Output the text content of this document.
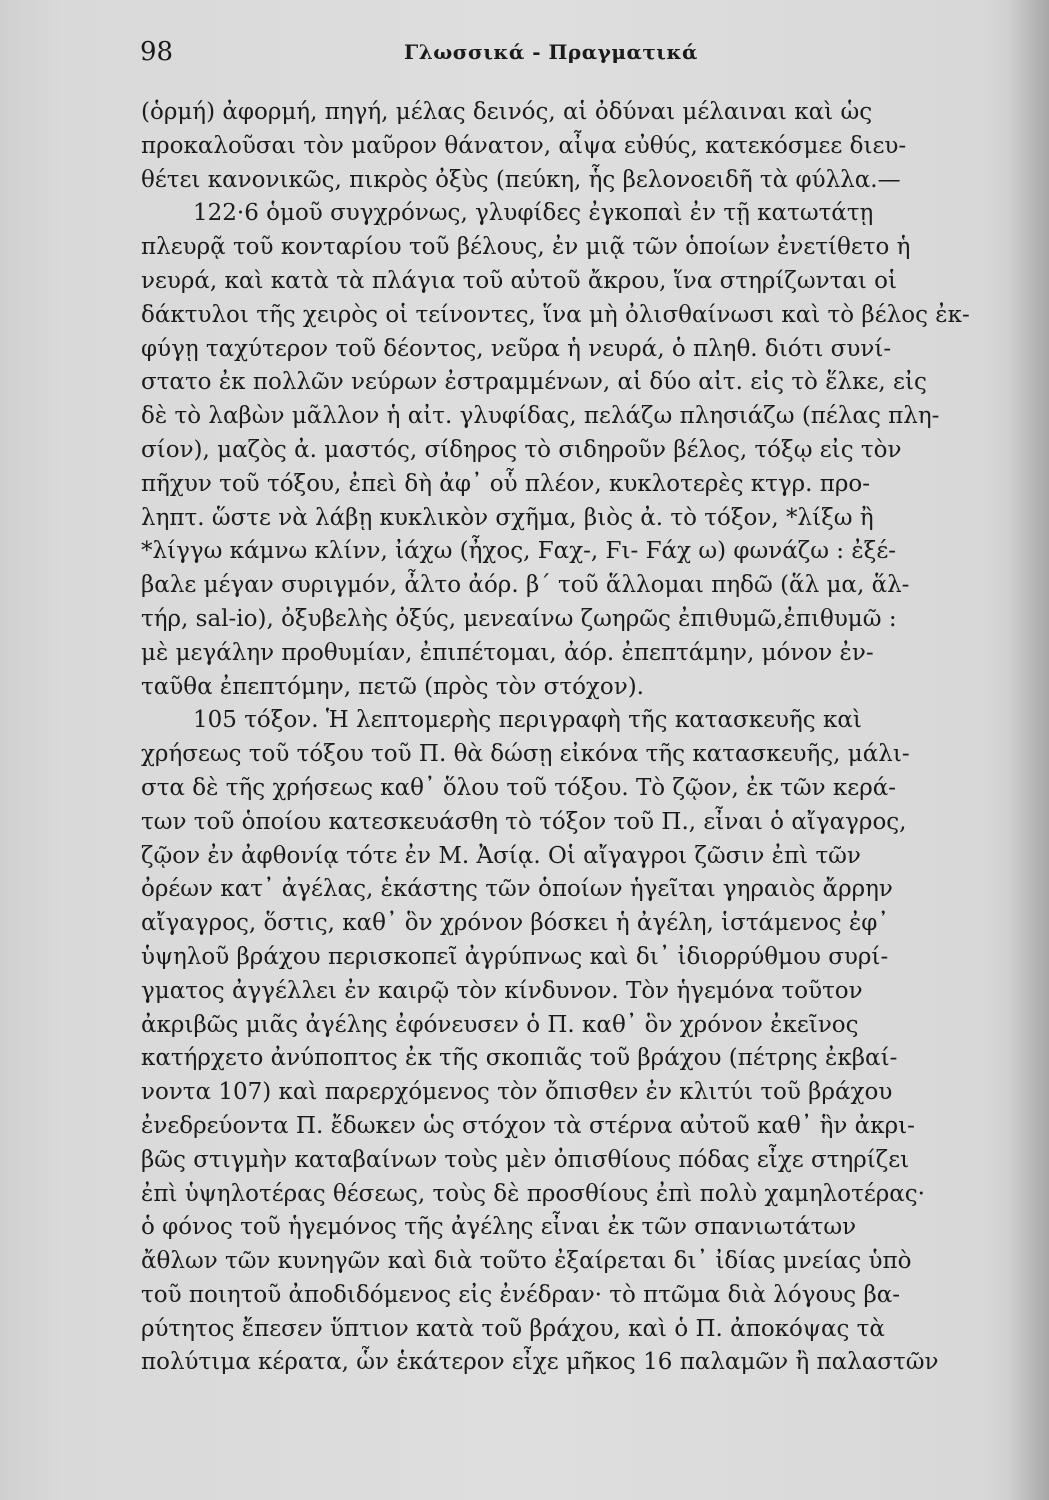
98	Γλωσσικά - Πραγματικά
(ὁρμή) ἀφορμή, πηγή, μέλας δεινός, αἱ ὀδύναι μέλαιναι καὶ ὡς
προκαλοῦσαι τὸν μαῦρον θάνατον, αἶψα εὐθύς, κατεκόσμεε διευ-
θέτει κανονικῶς, πικρὸς ὀξὺς (πεύκη, ἧς βελονοειδῆ τὰ φύλλα.—
122·6 ὁμοῦ συγχρόνως, γλυφίδες ἐγκοπαὶ ἐν τῇ κατωτάτῃ
πλευρᾷ τοῦ κονταρίου τοῦ βέλους, ἐν μιᾷ τῶν ὁποίων ἐνετίθετο ἡ
νευρά, καὶ κατὰ τὰ πλάγια τοῦ αὐτοῦ ἄκρου, ἵνα στηρίζωνται οἱ
δάκτυλοι τῆς χειρὸς οἱ τείνοντες, ἵνα μὴ ὀλισθαίνωσι καὶ τὸ βέλος ἐκ-
φύγῃ ταχύτερον τοῦ δέοντος, νεῦρα ἡ νευρά, ὁ πληθ. διότι συνί-
στατο ἐκ πολλῶν νεύρων ἐστραμμένων, αἱ δύο αἰτ. εἰς τὸ ἕλκε, εἰς
δὲ τὸ λαβὼν μᾶλλον ἡ αἰτ. γλυφίδας, πελάζω πλησιάζω (πέλας πλη-
σίον), μαζὸς ἀ. μαστός, σίδηρος τὸ σιδηροῦν βέλος, τόξῳ εἰς τὸν
πῆχυν τοῦ τόξου, ἐπεὶ δὴ ἀφ᾽ οὗ πλέον, κυκλοτερὲς κτγρ. προ-
ληπτ. ὥστε νὰ λάβῃ κυκλικὸν σχῆμα, βιὸς ἀ. τὸ τόξον, *λίξω ἢ
*λίγγω κάμνω κλίνν, ἰάχω (ἦχος, Ϝαχ-, Ϝι- Ϝάχ ω) φωνάζω : ἐξέ-
βαλε μέγαν συριγμόν, ἆλτο ἀόρ. β´ τοῦ ἅλλομαι πηδῶ (ἅλ μα, ἅλ-
τήρ, sal-io), ὀξυβελὴς ὀξύς, μενεαίνω ζωηρῶς ἐπιθυμῶ,ἐπιθυμῶ :
μὲ μεγάλην προθυμίαν, ἐπιπέτομαι, ἀόρ. ἐπεπτάμην, μόνον ἐν-
ταῦθα ἐπεπτόμην, πετῶ (πρὸς τὸν στόχον).
105 τόξον. Ἡ λεπτομερὴς περιγραφὴ τῆς κατασκευῆς καὶ
χρήσεως τοῦ τόξου τοῦ Π. θὰ δώσῃ εἰκόνα τῆς κατασκευῆς, μάλι-
στα δὲ τῆς χρήσεως καθ᾽ ὅλου τοῦ τόξου. Τὸ ζῷον, ἐκ τῶν κερά-
των τοῦ ὁποίου κατεσκευάσθη τὸ τόξον τοῦ Π., εἶναι ὁ αἴγαγρος,
ζῷον ἐν ἀφθονίᾳ τότε ἐν Μ. Ἀσίᾳ. Οἱ αἴγαγροι ζῶσιν ἐπὶ τῶν
ὀρέων κατ᾽ ἀγέλας, ἑκάστης τῶν ὁποίων ἡγεῖται γηραιὸς ἄρρην
αἴγαγρος, ὅστις, καθ᾽ ὃν χρόνον βόσκει ἡ ἀγέλη, ἱστάμενος ἐφ᾽
ὑψηλοῦ βράχου περισκοπεῖ ἀγρύπνως καὶ δι᾽ ἰδιορρύθμου συρί-
γματος ἀγγέλλει ἐν καιρῷ τὸν κίνδυνον. Τὸν ἡγεμόνα τοῦτον
ἀκριβῶς μιᾶς ἀγέλης ἐφόνευσεν ὁ Π. καθ᾽ ὃν χρόνον ἐκεῖνος
κατήρχετο ἀνύποπτος ἐκ τῆς σκοπιᾶς τοῦ βράχου (πέτρης ἐκβαί-
νοντα 107) καὶ παρερχόμενος τὸν ὄπισθεν ἐν κλιτύι τοῦ βράχου
ἐνεδρεύοντα Π. ἔδωκεν ὡς στόχον τὰ στέρνα αὐτοῦ καθ᾽ ἣν ἀκρι-
βῶς στιγμὴν καταβαίνων τοὺς μὲν ὀπισθίους πόδας εἶχε στηρίζει
ἐπὶ ὑψηλοτέρας θέσεως, τοὺς δὲ προσθίους ἐπὶ πολὺ χαμηλοτέρας·
ὁ φόνος τοῦ ἡγεμόνος τῆς ἀγέλης εἶναι ἐκ τῶν σπανιωτάτων
ἄθλων τῶν κυνηγῶν καὶ διὰ τοῦτο ἐξαίρεται δι᾽ ἰδίας μνείας ὑπὸ
τοῦ ποιητοῦ ἀποδιδόμενος εἰς ἐνέδραν· τὸ πτῶμα διὰ λόγους βα-
ρύτητος ἔπεσεν ὕπτιον κατὰ τοῦ βράχου, καὶ ὁ Π. ἀποκόψας τὰ
πολύτιμα κέρατα, ὧν ἑκάτερον εἶχε μῆκος 16 παλαμῶν ἢ παλαστῶν
